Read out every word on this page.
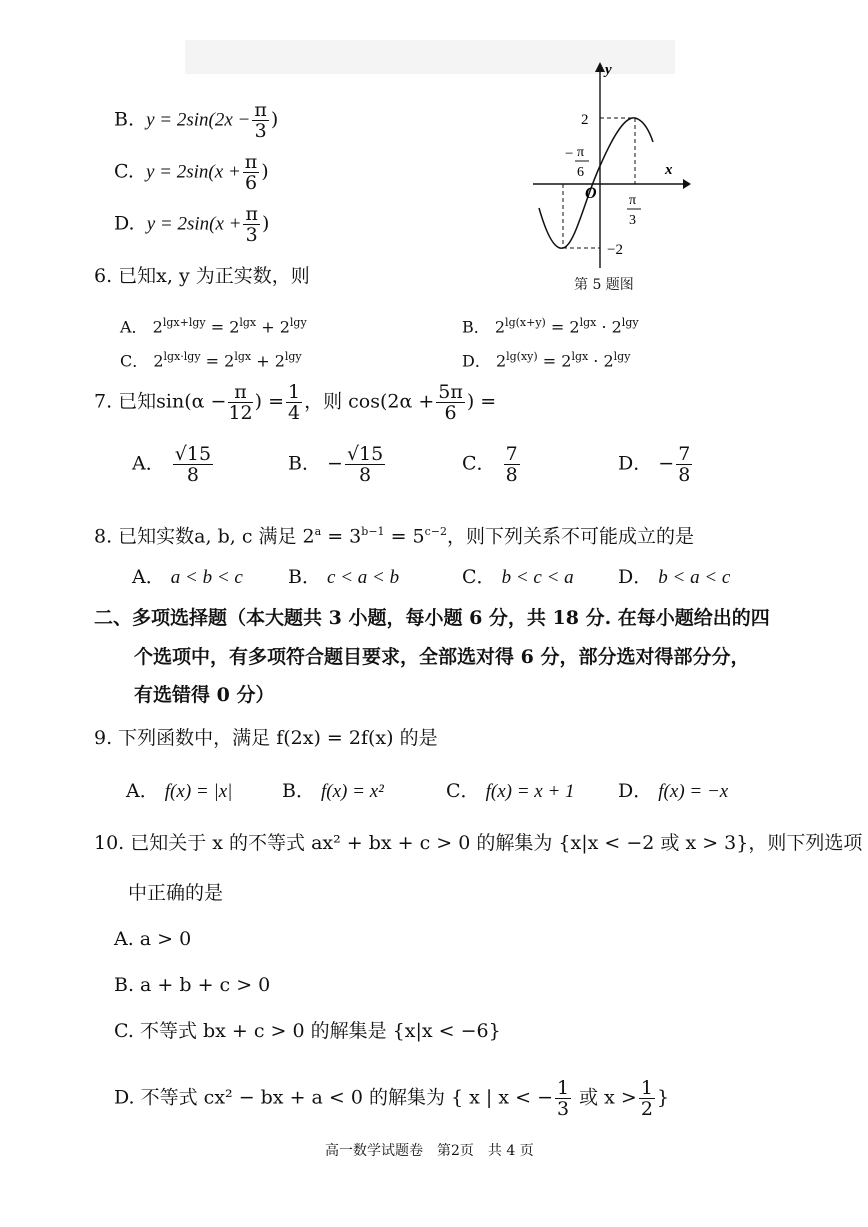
B. $y = 2\sin(2x - \frac{\pi}{3}$ )
C. $y = 2\sin(x + \frac{\pi}{6}$ )
D. $y = 2\sin(x + \frac{\pi}{3}$ )
y
x
O
2
−2
− π
6
π
3
第 5 题图
6. 已知x, y 为正实数，则
A． $2^{lgx+lgy} = 2^{lgx} + 2^{lgy}$	B． $2^{lg(x+y)} = 2^{lgx} \cdot 2^{lgy}$
C． $2^{lgx\cdot lgy} = 2^{lgx} + 2^{lgy}$	D． $2^{lg(xy)} = 2^{lgx} \cdot 2^{lgy}$
7. 已知$\sin(\alpha - \frac{\pi}{12}$ ) = $\frac{1}{4}$ ，则 $\cos(2\alpha + \frac{5\pi}{6}$ ) =
A． $\frac{√15}{8}$	B． − $\frac{√15}{8}$	C． $\frac{7}{8}$	D． − $\frac{7}{8}$
8. 已知实数a, b, c 满足 $2^a = 3^{b-1} = 5^{c-2}$，则下列关系不可能成立的是
A． a < b < c B． c < a < b	C． b < c < a D． b < a < c
二、多项选择题（本大题共 3 小题，每小题 6 分，共 18 分. 在每小题给出的四
个选项中，有多项符合题目要求，全部选对得 6 分，部分选对得部分分，
有选错得 0 分）
9. 下列函数中，满足 f(2x) = 2f(x) 的是
A． f(x) = |x|	B． f(x) = x²	C． f(x) = x + 1 D． f(x) = −x
10. 已知关于 x 的不等式 ax² + bx + c > 0 的解集为 {x|x < −2 或 x > 3}，则下列选项
中正确的是
A. a > 0
B. a + b + c > 0
C. 不等式 bx + c > 0 的解集是 {x|x < −6}
D. 不等式 cx² − bx + a < 0 的解集为 { x | x < − $\frac{1}{3}$ 或 $x > \frac{1}{2}$ }
高一数学试题卷　第2页　共 4 页
